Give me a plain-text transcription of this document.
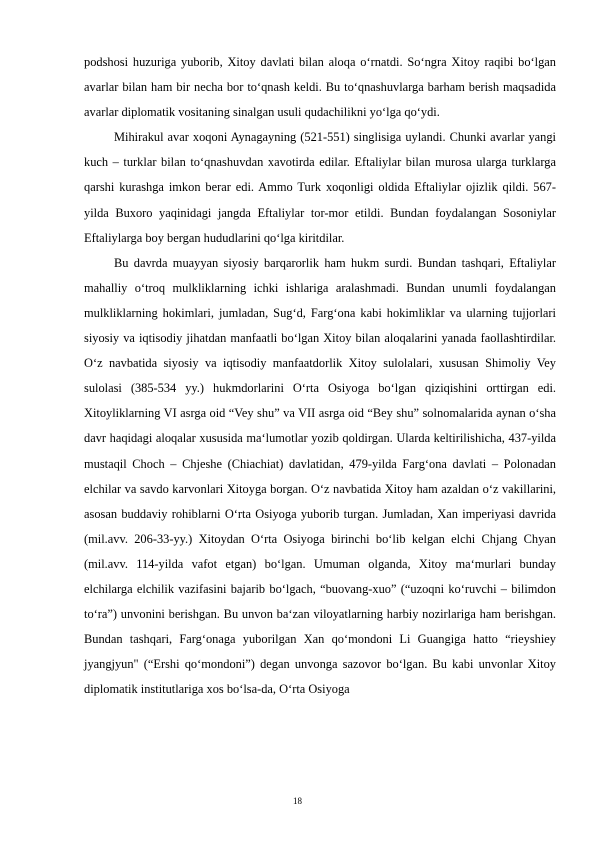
podshosi huzuriga yuborib, Xitoy davlati bilan aloqa o‘rnatdi. So‘ngra Xitoy raqibi bo‘lgan avarlar bilan ham bir necha bor to‘qnash keldi. Bu to‘qnashuvlarga barham berish maqsadida avarlar diplomatik vositaning sinalgan usuli qudachilikni yo‘lga qo‘ydi.

Mihirakul avar xoqoni Aynagayning (521-551) singlisiga uylandi. Chunki avarlar yangi kuch – turklar bilan to‘qnashuvdan xavotirda edilar. Eftaliylar bilan murosa ularga turklarga qarshi kurashga imkon berar edi. Ammo Turk xoqonligi oldida Eftaliylar ojizlik qildi. 567-yilda Buxoro yaqinidagi jangda Eftaliylar tor-mor etildi. Bundan foydalangan Sosoniylar Eftaliylarga boy bergan hududlarini qo‘lga kiritdilar.

Bu davrda muayyan siyosiy barqarorlik ham hukm surdi. Bundan tashqari, Eftaliylar mahalliy o‘troq mulkliklarning ichki ishlariga aralashmadi. Bundan unumli foydalangan mulkliklarning hokimlari, jumladan, Sug‘d, Farg‘ona kabi hokimliklar va ularning tujjorlari siyosiy va iqtisodiy jihatdan manfaatli bo‘lgan Xitoy bilan aloqalarini yanada faollashtirdilar. O‘z navbatida siyosiy va iqtisodiy manfaatdorlik Xitoy sulolalari, xususan Shimoliy Vey sulolasi (385-534 yy.) hukmdorlarini O‘rta Osiyoga bo‘lgan qiziqishini orttirgan edi. Xitoyliklarning VI asrga oid “Vey shu” va VII asrga oid “Bey shu” solnomalarida aynan o‘sha davr haqidagi aloqalar xususida ma‘lumotlar yozib qoldirgan. Ularda keltirilishicha, 437-yilda mustaqil Choch – Chjeshe (Chiachiat) davlatidan, 479-yilda Farg‘ona davlati – Polonadan elchilar va savdo karvonlari Xitoyga borgan. O‘z navbatida Xitoy ham azaldan o‘z vakillarini, asosan buddaviy rohiblarni O‘rta Osiyoga yuborib turgan. Jumladan, Xan imperiyasi davrida (mil.avv. 206-33-yy.) Xitoydan O‘rta Osiyoga birinchi bo‘lib kelgan elchi Chjang Chyan (mil.avv. 114-yilda vafot etgan) bo‘lgan. Umuman olganda, Xitoy ma‘murlari bunday elchilarga elchilik vazifasini bajarib bo‘lgach, “buovang-xuo” (“uzoqni ko‘ruvchi – bilimdon to‘ra”) unvonini berishgan. Bu unvon ba‘zan viloyatlarning harbiy nozirlariga ham berishgan. Bundan tashqari, Farg‘onaga yuborilgan Xan qo‘mondoni Li Guangiga hatto “rieyshiey jyangjyun" (“Ershi qo‘mondoni”) degan unvonga sazovor bo‘lgan. Bu kabi unvonlar Xitoy diplomatik institutlariga xos bo‘lsa-da, O‘rta Osiyoga

18
